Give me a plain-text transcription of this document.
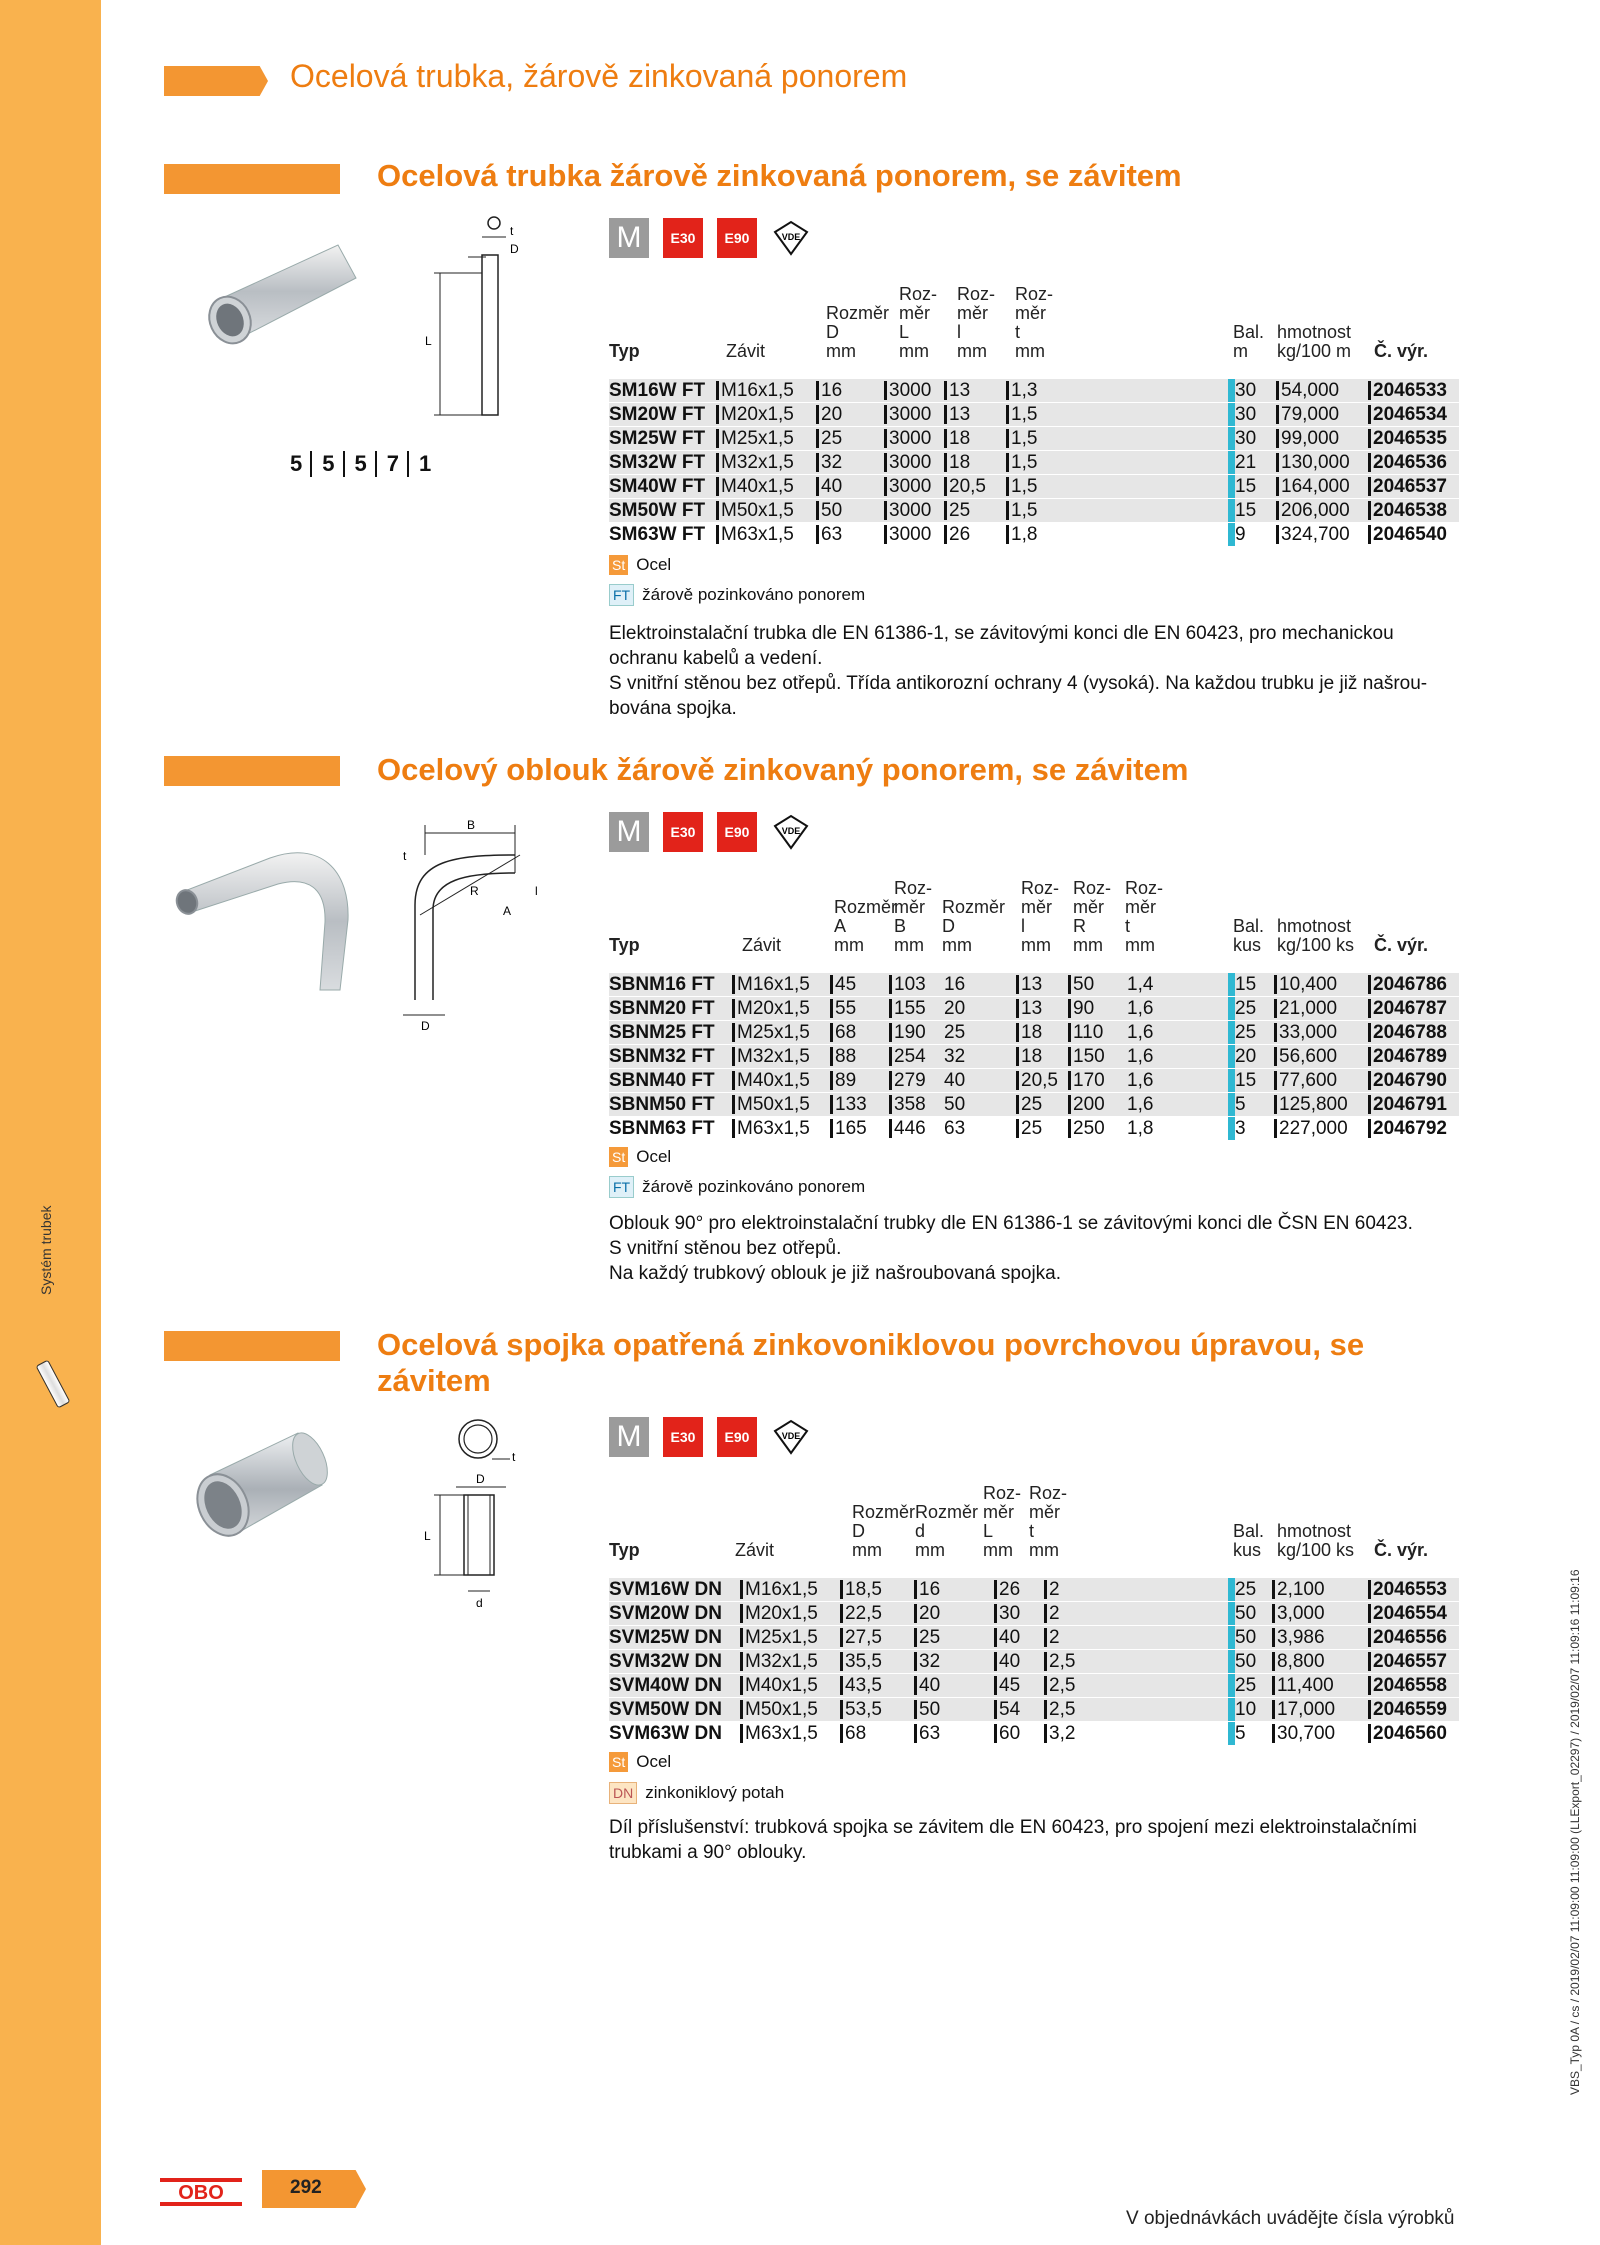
Systém trubek
VBS_Typ 0A / cs / 2019/02/07 11:09:00 11:09:00 (LLExport_02297) / 2019/02/07 11:09:16 11:09:16
Ocelová trubka, žárově zinkovaná ponorem
Ocelová trubka žárově zinkovaná ponorem, se závitem
t
D
L
5 5 5 7 1
M	E30	E90	VDE
Roz-
měr
L
mm
Roz-
měr
l
mm
Roz-
měr
t
mm
Rozměr
D
mm
Typ	Závit
Bal.
m
hmotnost
kg/100 m Č. výr.
SM16W FT M16x1,5 16 3000 13 1,3	30 54,000 2046533
SM20W FT M20x1,5 20 3000 13 1,5	30 79,000 2046534
SM25W FT M25x1,5 25 3000 18 1,5	30 99,000 2046535
SM32W FT M32x1,5 32 3000 18 1,5	21 130,000 2046536
SM40W FT M40x1,5 40 3000 20,5 1,5	15 164,000 2046537
SM50W FT M50x1,5 50 3000 25 1,5	15 206,000 2046538
SM63W FT M63x1,5 63 3000 26 1,8	9 324,700 2046540
St Ocel
FT žárově pozinkováno ponorem
Elektroinstalační trubka dle EN 61386-1, se závitovými konci dle EN 60423, pro mechanickou
ochranu kabelů a vedení.
S vnitřní stěnou bez otřepů. Třída antikorozní ochrany 4 (vysoká). Na každou trubku je již našrou-
bována spojka.
Ocelový oblouk žárově zinkovaný ponorem, se závitem
B
t
R
A
l
D
M	E30	E90	VDE
Roz-
měr
B
mm
Roz-
měr
l
mm
Roz-
měr
R
mm
Roz-
měr
t
mm
Rozměr
A
mm
Rozměr
D
mm
Typ	Závit
Bal.
kus
hmotnost
kg/100 ks Č. výr.
SBNM16 FT M16x1,5 45 103 16	13 50 1,4	15 10,400 2046786
SBNM20 FT M20x1,5 55 155 20	13 90 1,6	25 21,000 2046787
SBNM25 FT M25x1,5 68 190 25	18 110 1,6	25 33,000 2046788
SBNM32 FT M32x1,5 88 254 32	18 150 1,6	20 56,600 2046789
SBNM40 FT M40x1,5 89 279 40	20,5 170 1,6	15 77,600 2046790
SBNM50 FT M50x1,5 133 358 50	25 200 1,6	5 125,800 2046791
SBNM63 FT M63x1,5 165 446 63	25 250 1,8	3 227,000 2046792
St Ocel
FT žárově pozinkováno ponorem
Oblouk 90° pro elektroinstalační trubky dle EN 61386-1 se závitovými konci dle ČSN EN 60423.
S vnitřní stěnou bez otřepů.
Na každý trubkový oblouk je již našroubovaná spojka.
Ocelová spojka opatřená zinkovoniklovou povrchovou úpravou, se
závitem
t
D
L
d
M	E30	E90	VDE
Roz-
měr
L
mm
Roz-
měr
t
mm
Rozměr
D
mm
Rozměr
d
mm
Typ	Závit
Bal.
kus
hmotnost
kg/100 ks Č. výr.
SVM16W DN M16x1,5 18,5 16	26 2	25 2,100	2046553
SVM20W DN M20x1,5 22,5 20	30 2	50 3,000	2046554
SVM25W DN M25x1,5 27,5 25	40 2	50 3,986	2046556
SVM32W DN M32x1,5 35,5 32	40 2,5	50 8,800	2046557
SVM40W DN M40x1,5 43,5 40	45 2,5	25 11,400 2046558
SVM50W DN M50x1,5 53,5 50	54 2,5	10 17,000 2046559
SVM63W DN M63x1,5 68	63	60 3,2	5 30,700 2046560
St Ocel
DN zinkoniklový potah
Díl příslušenství: trubková spojka se závitem dle EN 60423, pro spojení mezi elektroinstalačními
trubkami a 90° oblouky.
OBO	292
V objednávkách uvádějte čísla výrobků
